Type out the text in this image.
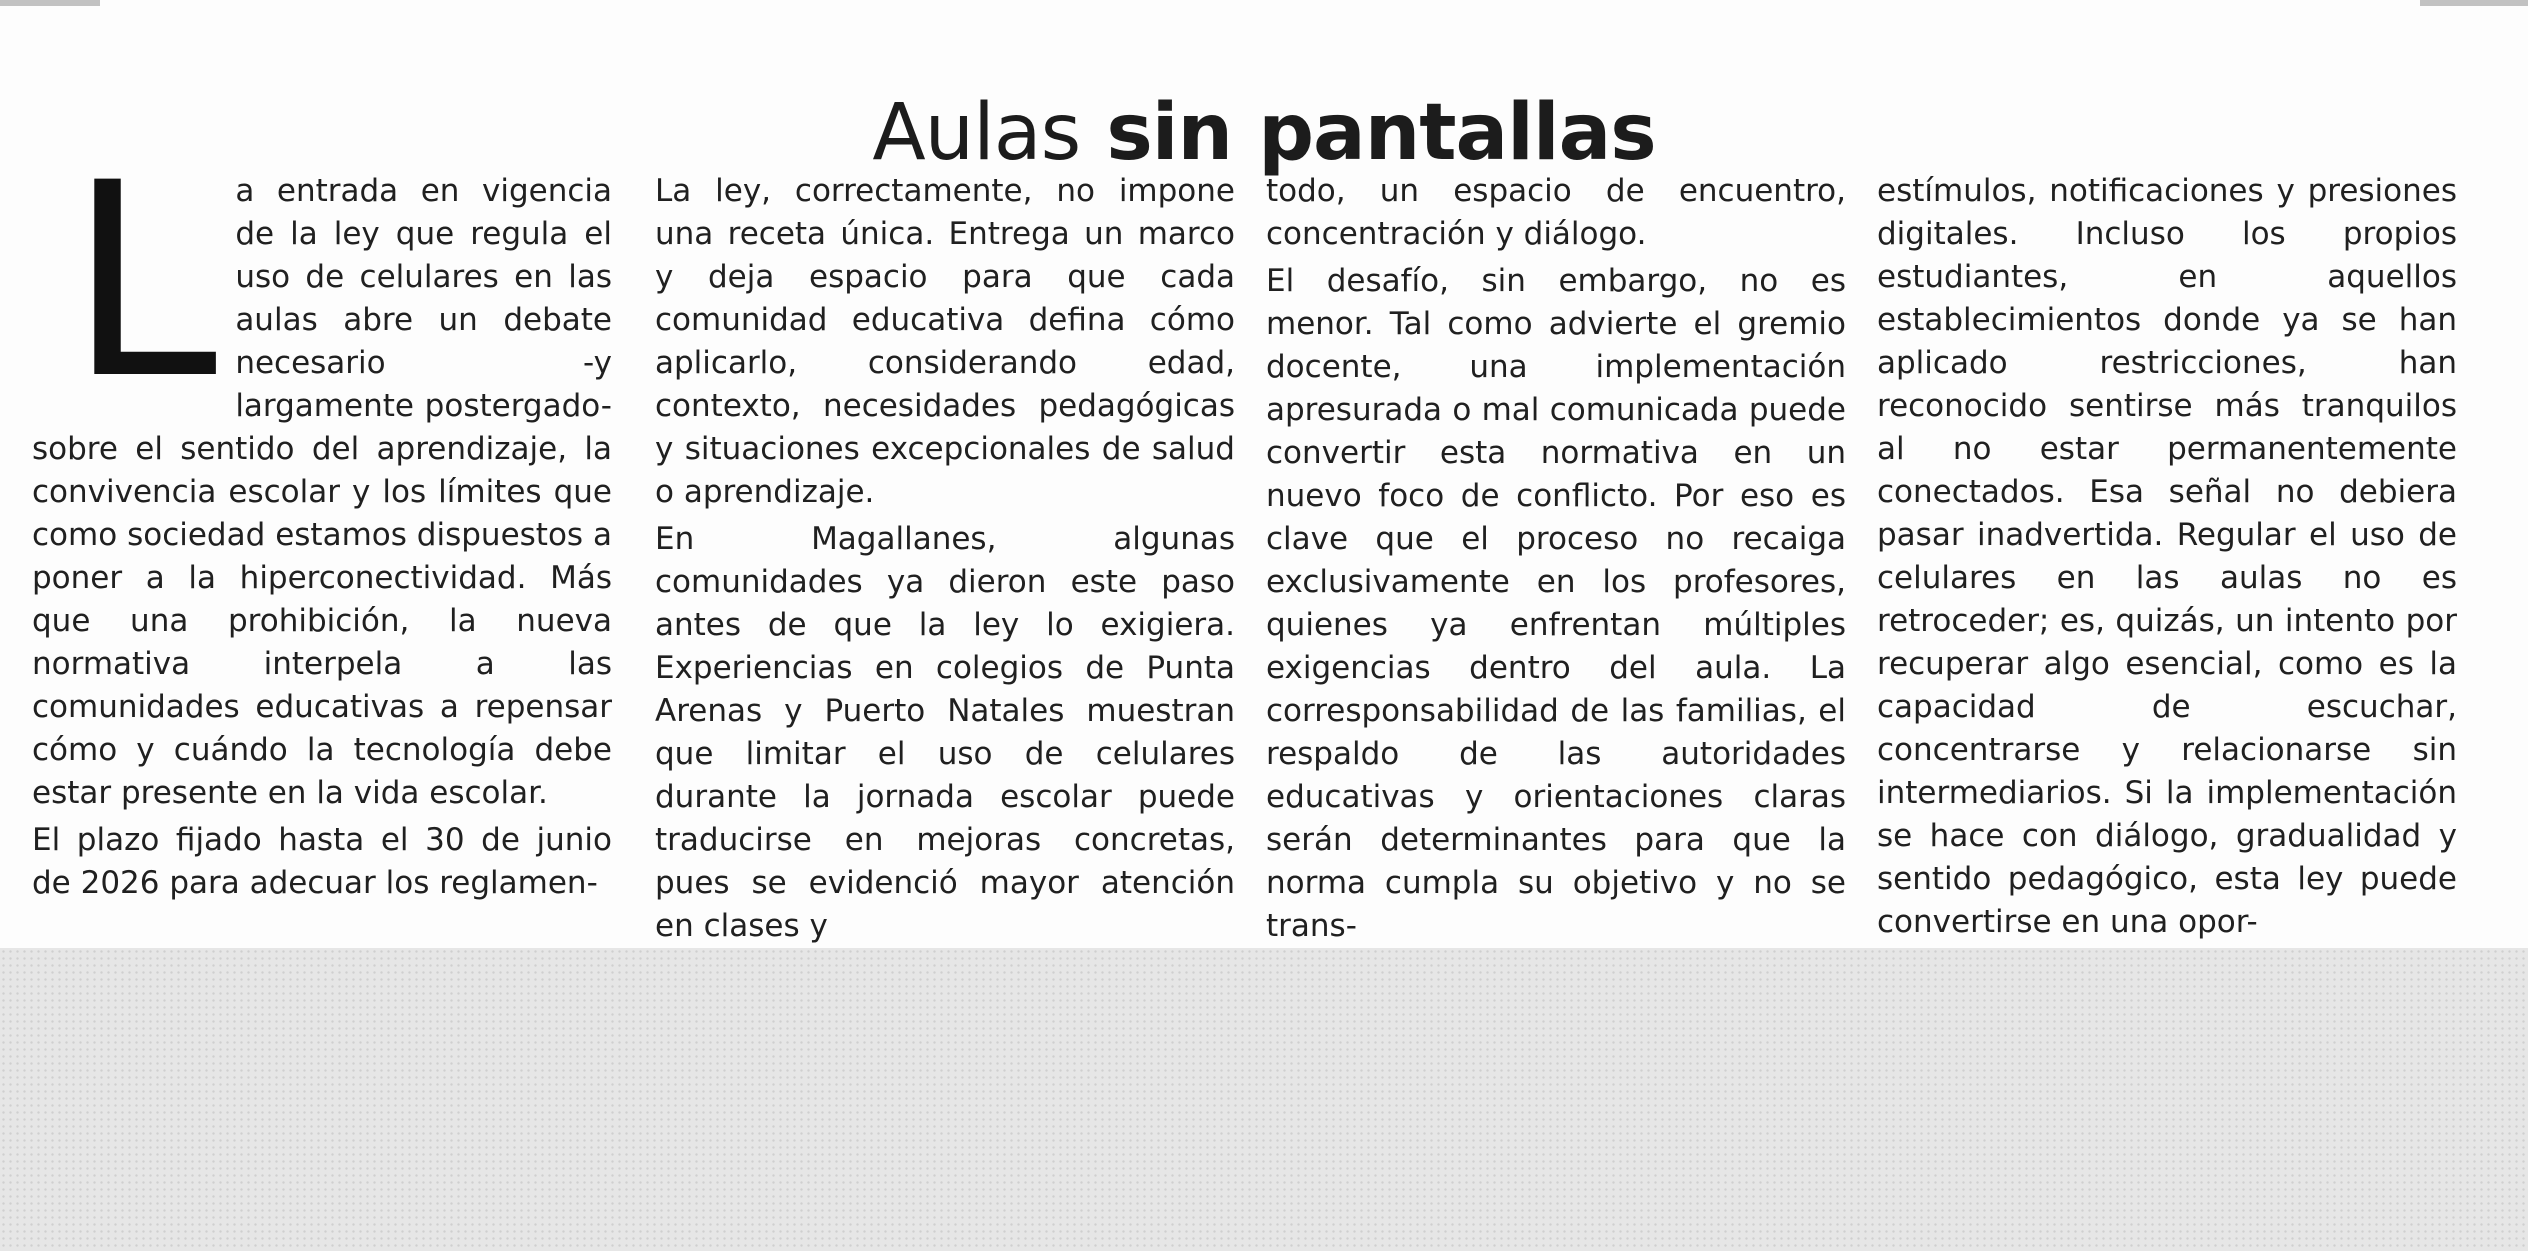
Aulas sin pantallas

La entrada en vigencia de la ley que regula el uso de celulares en las aulas abre un debate necesario -y largamente postergado- sobre el sentido del aprendizaje, la convivencia escolar y los límites que como sociedad estamos dispuestos a poner a la hiperconectividad. Más que una prohibición, la nueva normativa interpela a las comunidades educativas a repensar cómo y cuándo la tecnología debe estar presente en la vida escolar.

El plazo fijado hasta el 30 de junio de 2026 para adecuar los reglamen-

La ley, correctamente, no impone una receta única. Entrega un marco y deja espacio para que cada comunidad educativa defina cómo aplicarlo, considerando edad, contexto, necesidades pedagógicas y situaciones excepcionales de salud o aprendizaje.

En Magallanes, algunas comunidades ya dieron este paso antes de que la ley lo exigiera. Experiencias en colegios de Punta Arenas y Puerto Natales muestran que limitar el uso de celulares durante la jornada escolar puede traducirse en mejoras concretas, pues se evidenció mayor atención en clases y

todo, un espacio de encuentro, concentración y diálogo.

El desafío, sin embargo, no es menor. Tal como advierte el gremio docente, una implementación apresurada o mal comunicada puede convertir esta normativa en un nuevo foco de conflicto. Por eso es clave que el proceso no recaiga exclusivamente en los profesores, quienes ya enfrentan múltiples exigencias dentro del aula. La corresponsabilidad de las familias, el respaldo de las autoridades educativas y orientaciones claras serán determinantes para que la norma cumpla su objetivo y no se trans-

estímulos, notificaciones y presiones digitales. Incluso los propios estudiantes, en aquellos establecimientos donde ya se han aplicado restricciones, han reconocido sentirse más tranquilos al no estar permanentemente conectados. Esa señal no debiera pasar inadvertida. Regular el uso de celulares en las aulas no es retroceder; es, quizás, un intento por recuperar algo esencial, como es la capacidad de escuchar, concentrarse y relacionarse sin intermediarios. Si la implementación se hace con diálogo, gradualidad y sentido pedagógico, esta ley puede convertirse en una opor-
